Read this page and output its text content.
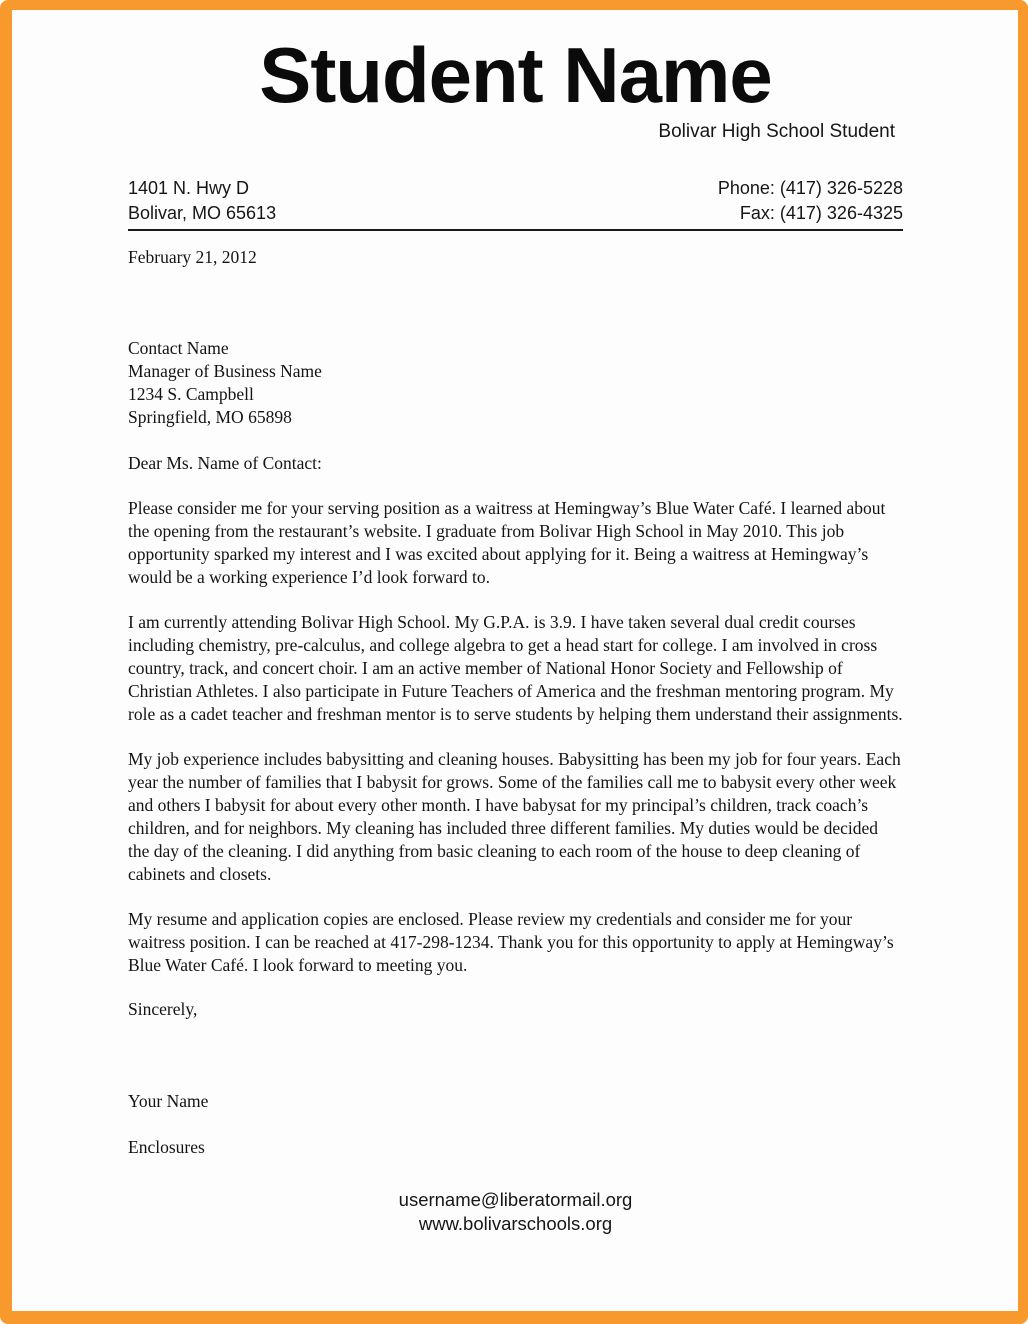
Student Name
Bolivar High School Student
1401 N. Hwy D
Bolivar, MO 65613
Phone: (417) 326-5228
Fax: (417) 326-4325
February 21, 2012
Contact Name
Manager of Business Name
1234 S. Campbell
Springfield, MO 65898
Dear Ms. Name of Contact:

Please consider me for your serving position as a waitress at Hemingway’s Blue Water Café. I learned about the opening from the restaurant’s website. I graduate from Bolivar High School in May 2010. This job opportunity sparked my interest and I was excited about applying for it. Being a waitress at Hemingway’s would be a working experience I’d look forward to.

I am currently attending Bolivar High School. My G.P.A. is 3.9. I have taken several dual credit courses including chemistry, pre-calculus, and college algebra to get a head start for college. I am involved in cross country, track, and concert choir. I am an active member of National Honor Society and Fellowship of Christian Athletes. I also participate in Future Teachers of America and the freshman mentoring program. My role as a cadet teacher and freshman mentor is to serve students by helping them understand their assignments.

My job experience includes babysitting and cleaning houses. Babysitting has been my job for four years. Each year the number of families that I babysit for grows. Some of the families call me to babysit every other week and others I babysit for about every other month. I have babysat for my principal’s children, track coach’s children, and for neighbors. My cleaning has included three different families. My duties would be decided the day of the cleaning. I did anything from basic cleaning to each room of the house to deep cleaning of cabinets and closets.

My resume and application copies are enclosed. Please review my credentials and consider me for your waitress position. I can be reached at 417-298-1234. Thank you for this opportunity to apply at Hemingway’s Blue Water Café. I look forward to meeting you.

Sincerely,
Your Name
Enclosures
username@liberatormail.org
www.bolivarschools.org
